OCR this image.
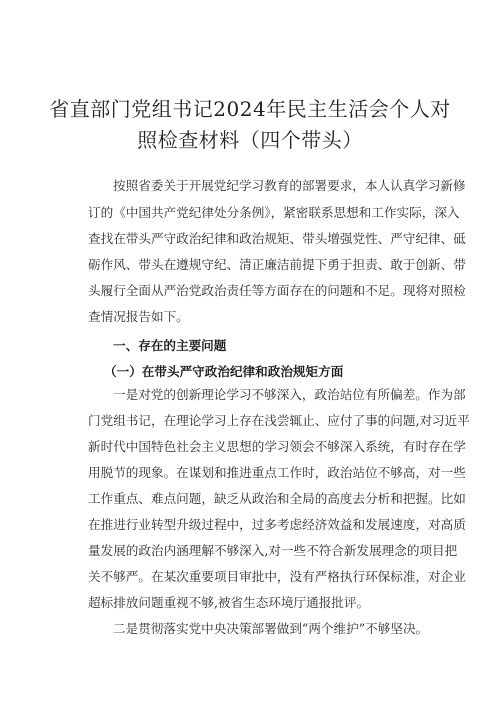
省直部门党组书记2024年民主生活会个人对
照检查材料（四个带头）
按照省委关于开展党纪学习教育的部署要求，本人认真学习新修
订的《中国共产党纪律处分条例》，紧密联系思想和工作实际，深入
查找在带头严守政治纪律和政治规矩、带头增强党性、严守纪律、砥
砺作风、带头在遵规守纪、清正廉洁前提下勇于担责、敢于创新、带
头履行全面从严治党政治责任等方面存在的问题和不足。现将对照检
查情况报告如下。
一、存在的主要问题
（一）在带头严守政治纪律和政治规矩方面
一是对党的创新理论学习不够深入，政治站位有所偏差。作为部
门党组书记，在理论学习上存在浅尝辄止、应付了事的问题,对习近平
新时代中国特色社会主义思想的学习领会不够深入系统，有时存在学
用脱节的现象。在谋划和推进重点工作时，政治站位不够高，对一些
工作重点、难点问题，缺乏从政治和全局的高度去分析和把握。比如
在推进行业转型升级过程中，过多考虑经济效益和发展速度，对高质
量发展的政治内涵理解不够深入,对一些不符合新发展理念的项目把
关不够严。在某次重要项目审批中，没有严格执行环保标准，对企业
超标排放问题重视不够,被省生态环境厅通报批评。
二是贯彻落实党中央决策部署做到“两个维护”不够坚决。
